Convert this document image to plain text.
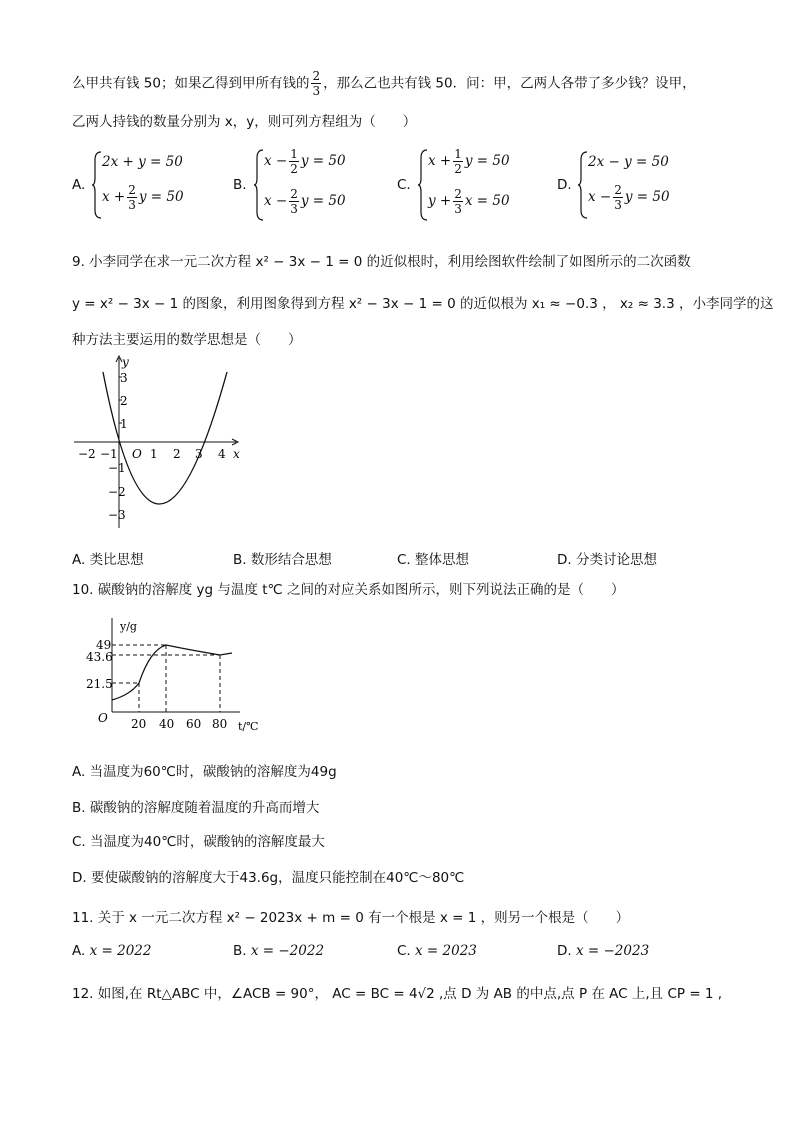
么甲共有钱 50；如果乙得到甲所有钱的 $\frac{2}{3}$ ，那么乙也共有钱 50．问：甲，乙两人各带了多少钱？设甲，
乙两人持钱的数量分别为 x，y，则可列方程组为（　　）
A.
2x + y = 50
$x + \frac{2}{3}$ y = 50
B.
$x - \frac{1}{2}$ y = 50
$x - \frac{2}{3}$ y = 50
C.
$x + \frac{1}{2}$ y = 50
$y + \frac{2}{3}$ x = 50
D.
2x − y = 50
$x - \frac{2}{3}$ y = 50
9. 小李同学在求一元二次方程 x² − 3x − 1 = 0 的近似根时，利用绘图软件绘制了如图所示的二次函数
y = x² − 3x − 1 的图象，利用图象得到方程 x² − 3x − 1 = 0 的近似根为 x₁ ≈ −0.3 ， x₂ ≈ 3.3 ，小李同学的这
种方法主要运用的数学思想是（　　）
x
y
O
−2 −1	1 2 3 4
3
2
1
−1
−2
−3
A. 类比思想	B. 数形结合思想	C. 整体思想	D. 分类讨论思想
10. 碳酸钠的溶解度 yg 与温度 t℃ 之间的对应关系如图所示，则下列说法正确的是（　　）
y/g
t/℃
O
49
43.6
21.5
20 40 60 80
A. 当温度为60℃时，碳酸钠的溶解度为49g
B. 碳酸钠的溶解度随着温度的升高而增大
C. 当温度为40℃时，碳酸钠的溶解度最大
D. 要使碳酸钠的溶解度大于43.6g，温度只能控制在40℃～80℃
11. 关于 x 一元二次方程 x² − 2023x + m = 0 有一个根是 x = 1 ，则另一个根是（　　）
A. x = 2022	B. x = −2022	C. x = 2023	D. x = −2023
12. 如图,在 Rt△ABC 中，∠ACB = 90°， AC = BC = 4√2 ,点 D 为 AB 的中点,点 P 在 AC 上,且 CP = 1 ,
